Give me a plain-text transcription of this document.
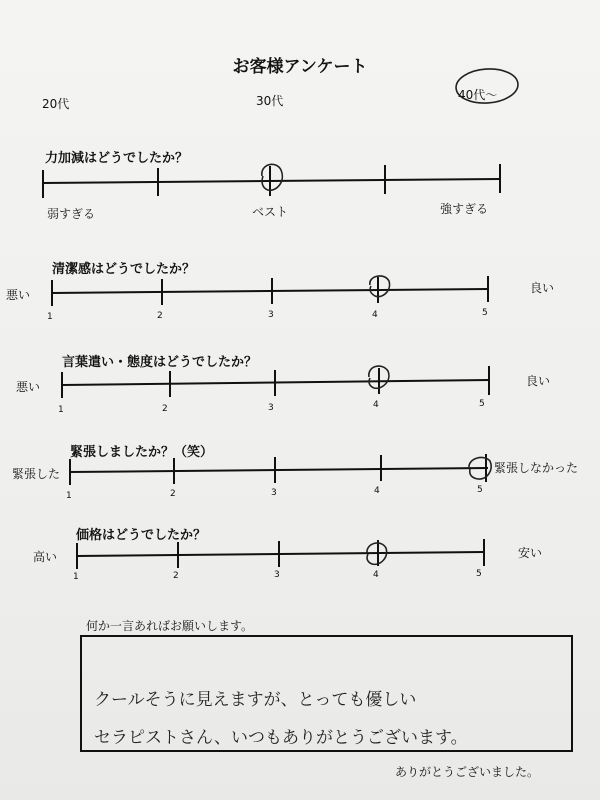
お客様アンケート
20代	30代	40代〜
力加減はどうでしたか？
弱すぎる	ベスト	強すぎる
清潔感はどうでしたか？
悪い	良い
1	2	3	4	5
言葉遣い・態度はどうでしたか？
悪い	良い
1	2	3	4	5
緊張しましたか？（笑）
緊張した	緊張しなかった
1	2	3	4	5
価格はどうでしたか？
高い	安い
1	2	3	4	5
何か一言あればお願いします。
クールそうに見えますが、とっても優しい
セラピストさん、いつもありがとうございます。
ありがとうございました。
